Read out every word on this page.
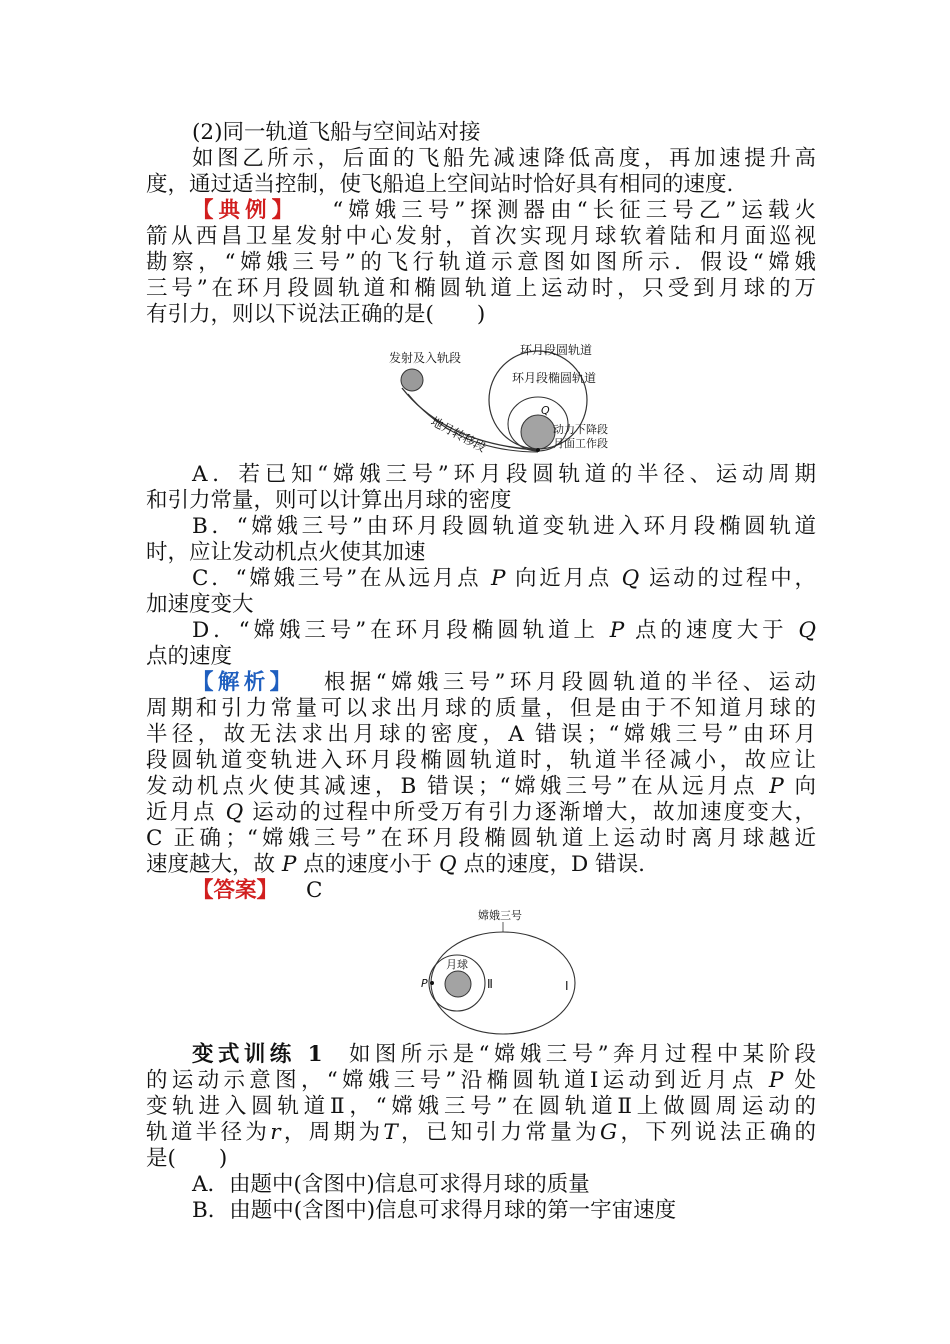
(2)同一轨道飞船与空间站对接
如图乙所示，后面的飞船先减速降低高度，再加速提升高
度，通过适当控制，使飞船追上空间站时恰好具有相同的速度.
【典例】 “嫦娥三号”探测器由“长征三号乙”运载火
箭从西昌卫星发射中心发射，首次实现月球软着陆和月面巡视
勘察，“嫦娥三号”的飞行轨道示意图如图所示．假设“嫦娥
三号”在环月段圆轨道和椭圆轨道上运动时，只受到月球的万
有引力，则以下说法正确的是(　　)
发射及入轨段
环月段圆轨道
环月段椭圆轨道
Q
动力下降段
月面工作段
地月转移段
A．若已知“嫦娥三号”环月段圆轨道的半径、运动周期
和引力常量，则可以计算出月球的密度
B．“嫦娥三号”由环月段圆轨道变轨进入环月段椭圆轨道
时，应让发动机点火使其加速
C．“嫦娥三号”在从远月点 P 向近月点 Q 运动的过程中，
加速度变大
D．“嫦娥三号”在环月段椭圆轨道上 P 点的速度大于 Q
点的速度
【解析】 根据“嫦娥三号”环月段圆轨道的半径、运动
周期和引力常量可以求出月球的质量，但是由于不知道月球的
半径，故无法求出月球的密度，A 错误；“嫦娥三号”由环月
段圆轨道变轨进入环月段椭圆轨道时，轨道半径减小，故应让
发动机点火使其减速，B 错误；“嫦娥三号”在从远月点 P 向
近月点 Q 运动的过程中所受万有引力逐渐增大，故加速度变大，
C 正确；“嫦娥三号”在环月段椭圆轨道上运动时离月球越近
速度越大，故 P 点的速度小于 Q 点的速度，D 错误.
【答案】 C
嫦娥三号
月球
P	Ⅱ	Ⅰ
变式训练 1 如图所示是“嫦娥三号”奔月过程中某阶段
的运动示意图，“嫦娥三号”沿椭圆轨道Ⅰ运动到近月点 P 处
变轨进入圆轨道Ⅱ，“嫦娥三号”在圆轨道Ⅱ上做圆周运动的
轨道半径为r，周期为T，已知引力常量为G，下列说法正确的
是(　　)
A．由题中(含图中)信息可求得月球的质量
B．由题中(含图中)信息可求得月球的第一宇宙速度
